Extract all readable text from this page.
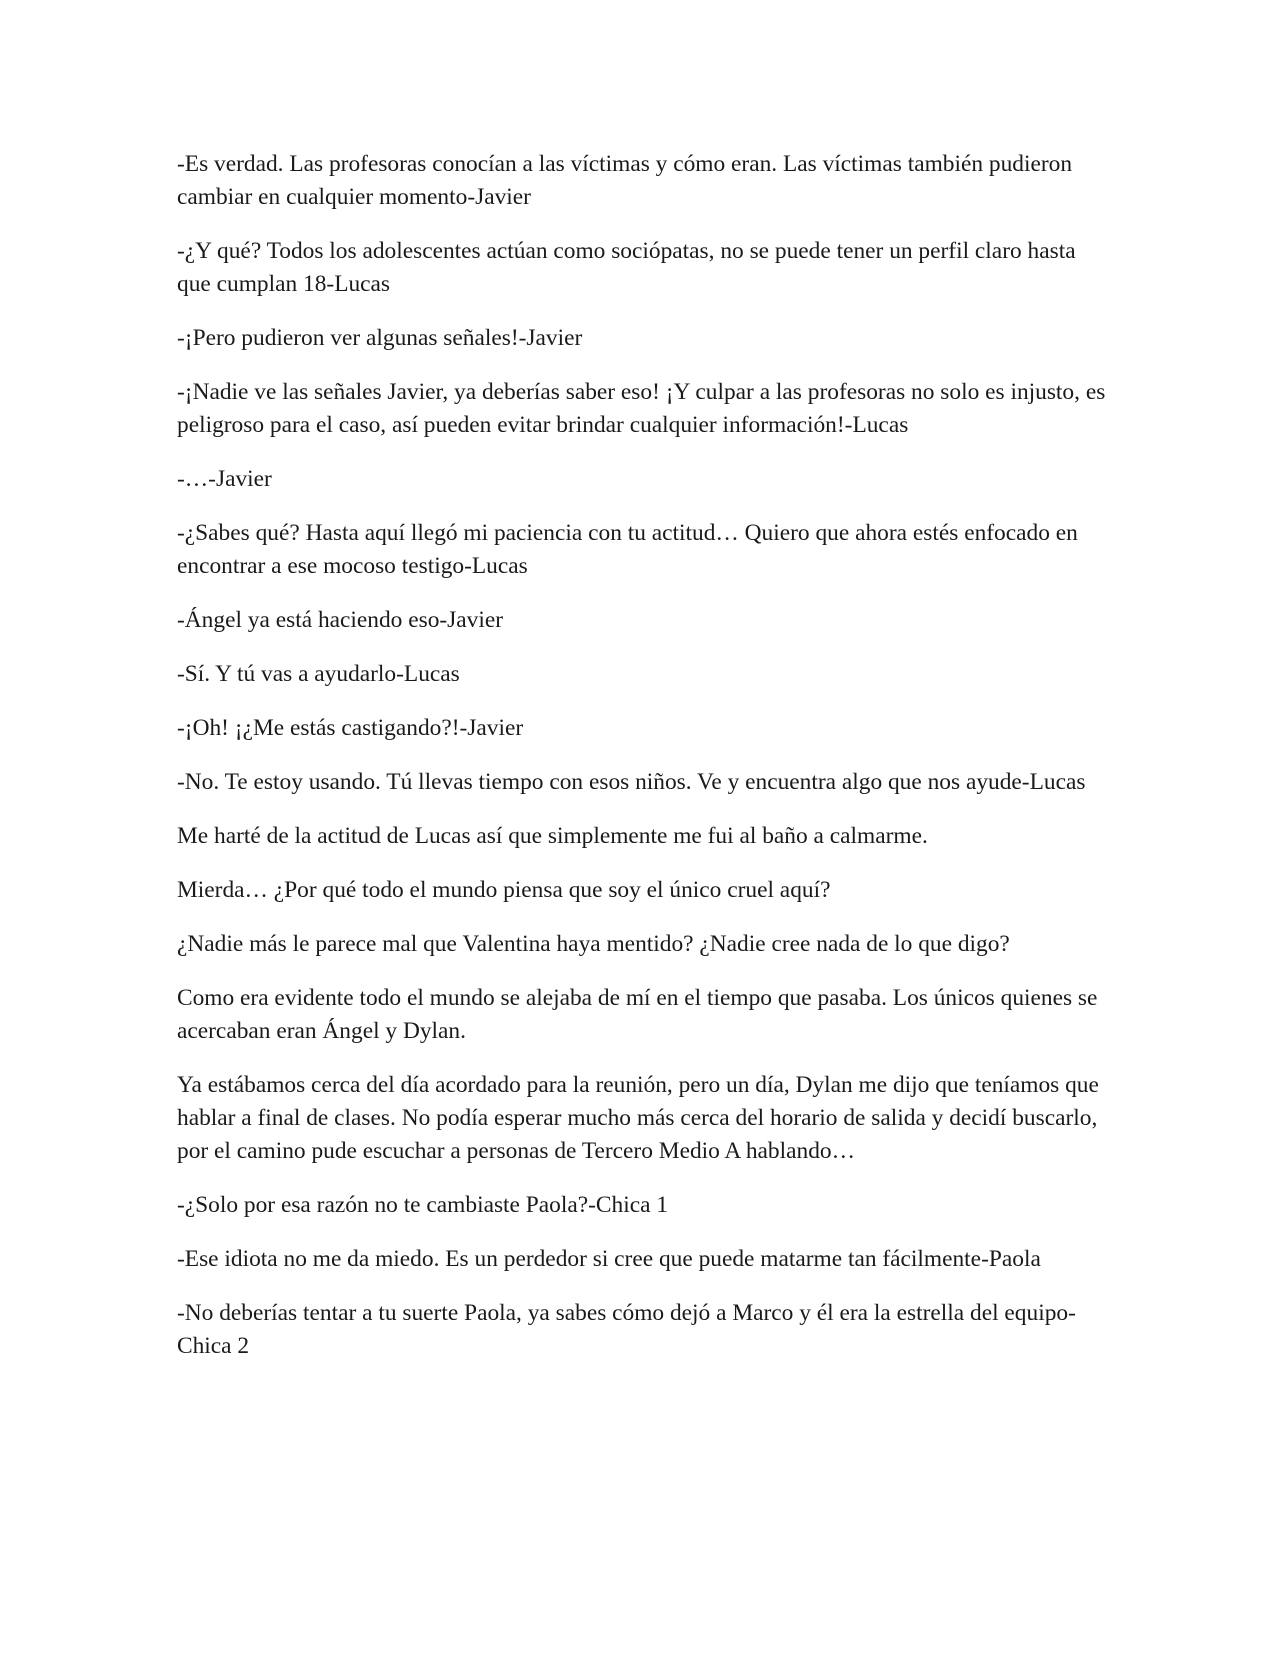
-Es verdad. Las profesoras conocían a las víctimas y cómo eran. Las víctimas también pudieron cambiar en cualquier momento-Javier

-¿Y qué? Todos los adolescentes actúan como sociópatas, no se puede tener un perfil claro hasta que cumplan 18-Lucas

-¡Pero pudieron ver algunas señales!-Javier

-¡Nadie ve las señales Javier, ya deberías saber eso! ¡Y culpar a las profesoras no solo es injusto, es peligroso para el caso, así pueden evitar brindar cualquier información!-Lucas

-…-Javier

-¿Sabes qué? Hasta aquí llegó mi paciencia con tu actitud… Quiero que ahora estés enfocado en encontrar a ese mocoso testigo-Lucas

-Ángel ya está haciendo eso-Javier

-Sí. Y tú vas a ayudarlo-Lucas

-¡Oh! ¡¿Me estás castigando?!-Javier

-No. Te estoy usando. Tú llevas tiempo con esos niños. Ve y encuentra algo que nos ayude-Lucas

Me harté de la actitud de Lucas así que simplemente me fui al baño a calmarme.

Mierda… ¿Por qué todo el mundo piensa que soy el único cruel aquí?

¿Nadie más le parece mal que Valentina haya mentido? ¿Nadie cree nada de lo que digo?

Como era evidente todo el mundo se alejaba de mí en el tiempo que pasaba. Los únicos quienes se acercaban eran Ángel y Dylan.

Ya estábamos cerca del día acordado para la reunión, pero un día, Dylan me dijo que teníamos que hablar a final de clases. No podía esperar mucho más cerca del horario de salida y decidí buscarlo, por el camino pude escuchar a personas de Tercero Medio A hablando…

-¿Solo por esa razón no te cambiaste Paola?-Chica 1

-Ese idiota no me da miedo. Es un perdedor si cree que puede matarme tan fácilmente-Paola

-No deberías tentar a tu suerte Paola, ya sabes cómo dejó a Marco y él era la estrella del equipo-Chica 2
